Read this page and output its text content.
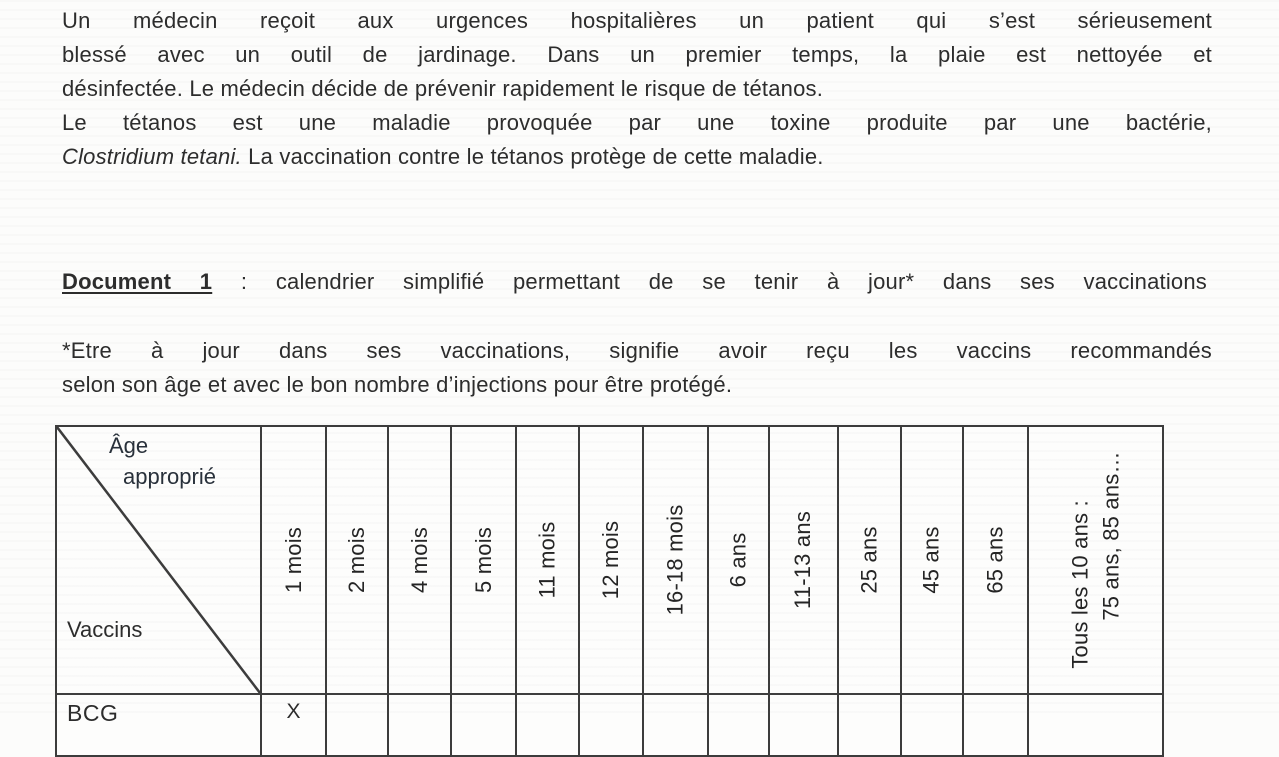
Un médecin reçoit aux urgences hospitalières un patient qui s’est sérieusement
blessé avec un outil de jardinage. Dans un premier temps, la plaie est nettoyée et
désinfectée. Le médecin décide de prévenir rapidement le risque de tétanos.
Le tétanos est une maladie provoquée par une toxine produite par une bactérie,
Clostridium tetani. La vaccination contre le tétanos protège de cette maladie.
Document 1 : calendrier simplifié permettant de se tenir à jour* dans ses vaccinations
*Etre à jour dans ses vaccinations, signifie avoir reçu les vaccins recommandés
selon son âge et avec le bon nombre d’injections pour être protégé.
Âge
approprié
Vaccins
1 mois 2 mois 4 mois 5 mois 11 mois 12 mois 16-18 mois 6 ans 11-13 ans 25 ans 45 ans 65 ans	Tous les 10 ans : 75 ans, 85 ans…
BCG	X
